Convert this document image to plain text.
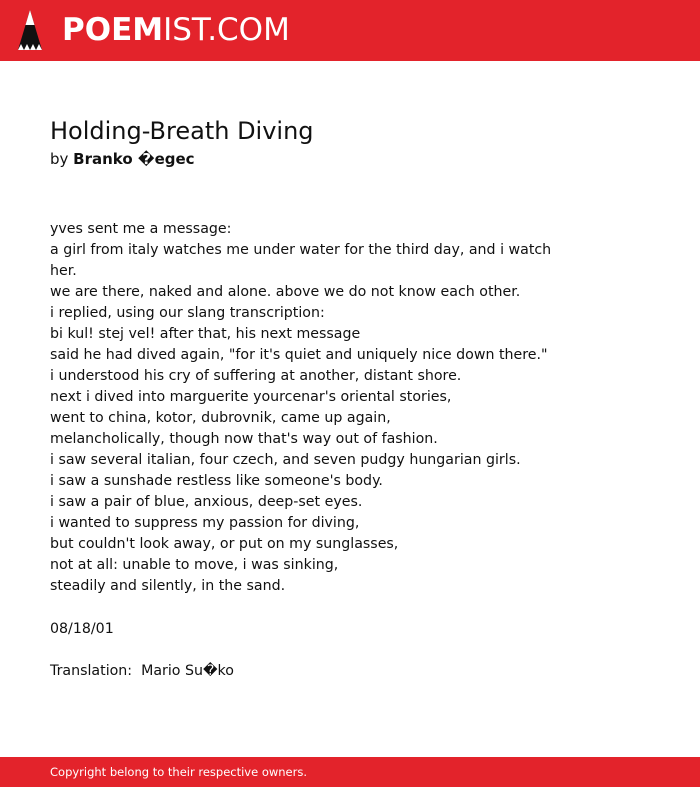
POEMIST.COM
Holding-Breath Diving
by Branko �egec
yves sent me a message:
a girl from italy watches me under water for the third day, and i watch
her.
we are there, naked and alone. above we do not know each other.
i replied, using our slang transcription:
bi kul! stej vel! after that, his next message
said he had dived again, "for it's quiet and uniquely nice down there."
i understood his cry of suffering at another, distant shore.
next i dived into marguerite yourcenar's oriental stories,
went to china, kotor, dubrovnik, came up again,
melancholically, though now that's way out of fashion.
i saw several italian, four czech, and seven pudgy hungarian girls.
i saw a sunshade restless like someone's body.
i saw a pair of blue, anxious, deep-set eyes.
i wanted to suppress my passion for diving,
but couldn't look away, or put on my sunglasses,
not at all: unable to move, i was sinking,
steadily and silently, in the sand.
08/18/01
Translation:  Mario Su�ko
Copyright belong to their respective owners.
